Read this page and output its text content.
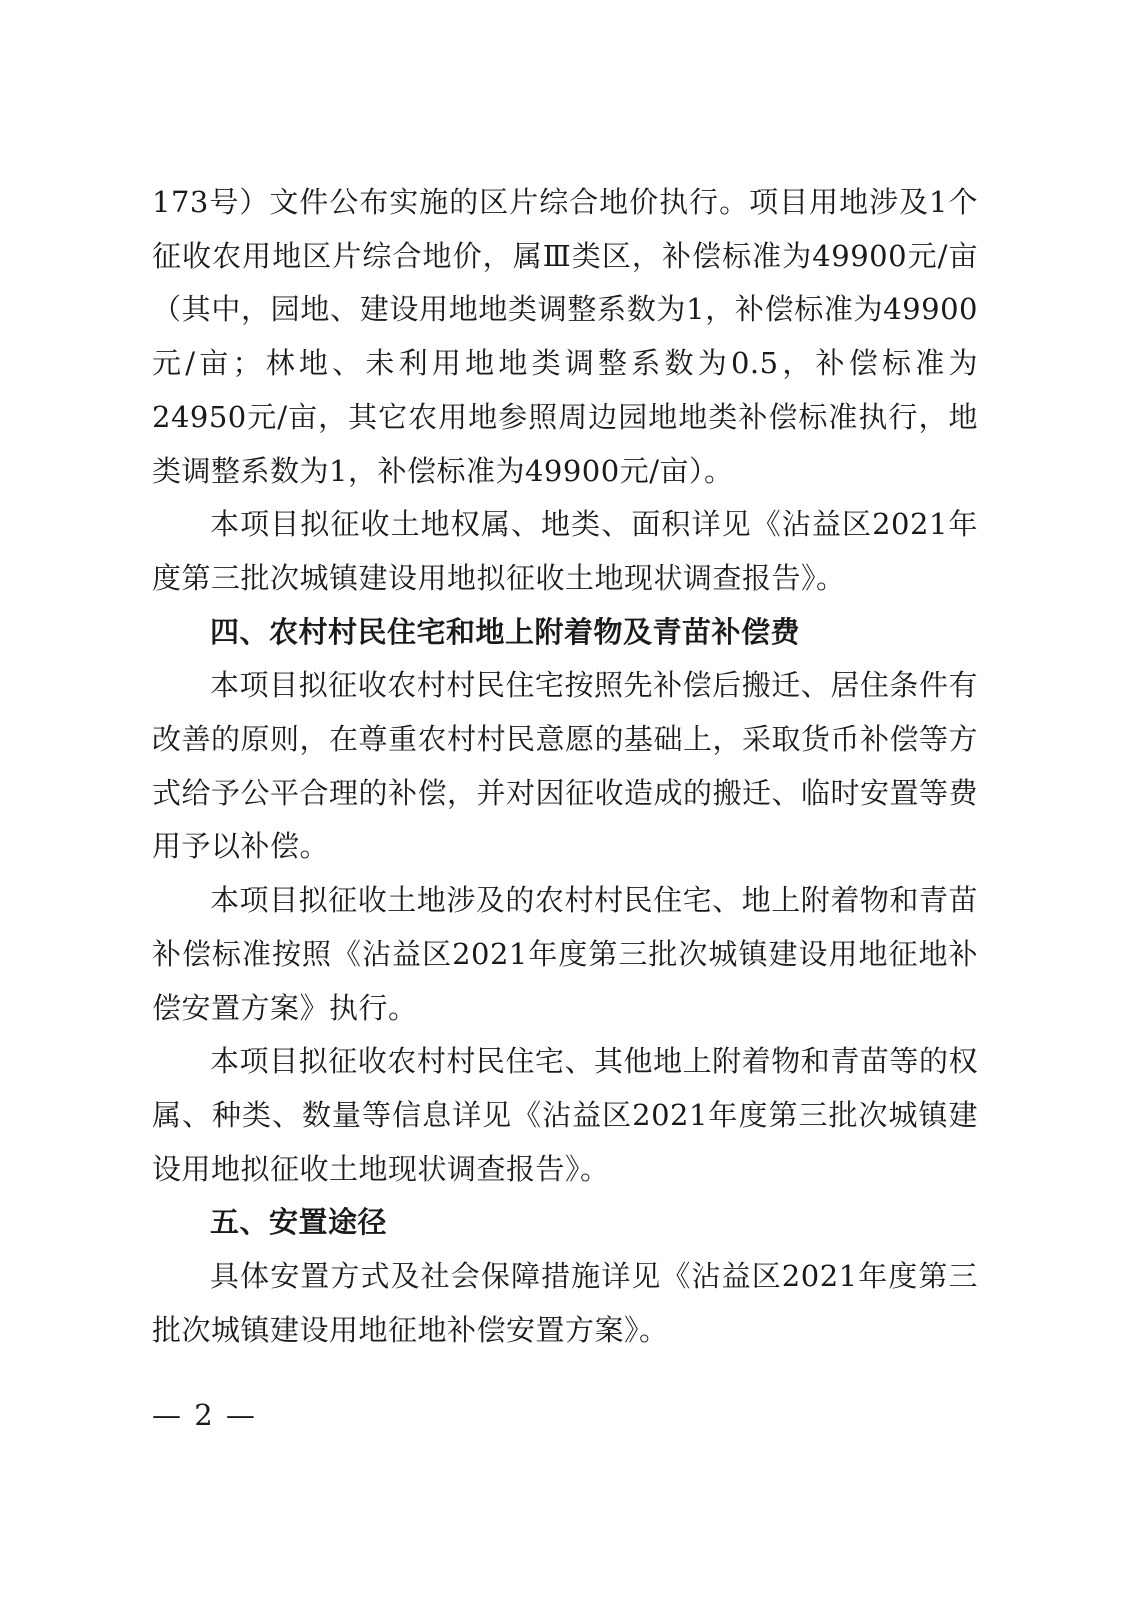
173号）文件公布实施的区片综合地价执行。项目用地涉及1个征收农用地区片综合地价，属Ⅲ类区，补偿标准为49900元/亩（其中，园地、建设用地地类调整系数为1，补偿标准为49900元/亩；林地、未利用地地类调整系数为0.5，补偿标准为24950元/亩，其它农用地参照周边园地地类补偿标准执行，地类调整系数为1，补偿标准为49900元/亩）。

本项目拟征收土地权属、地类、面积详见《沾益区2021年度第三批次城镇建设用地拟征收土地现状调查报告》。

四、农村村民住宅和地上附着物及青苗补偿费

本项目拟征收农村村民住宅按照先补偿后搬迁、居住条件有改善的原则，在尊重农村村民意愿的基础上，采取货币补偿等方式给予公平合理的补偿，并对因征收造成的搬迁、临时安置等费用予以补偿。

本项目拟征收土地涉及的农村村民住宅、地上附着物和青苗补偿标准按照《沾益区2021年度第三批次城镇建设用地征地补偿安置方案》执行。

本项目拟征收农村村民住宅、其他地上附着物和青苗等的权属、种类、数量等信息详见《沾益区2021年度第三批次城镇建设用地拟征收土地现状调查报告》。

五、安置途径

具体安置方式及社会保障措施详见《沾益区2021年度第三批次城镇建设用地征地补偿安置方案》。

— 2 —
